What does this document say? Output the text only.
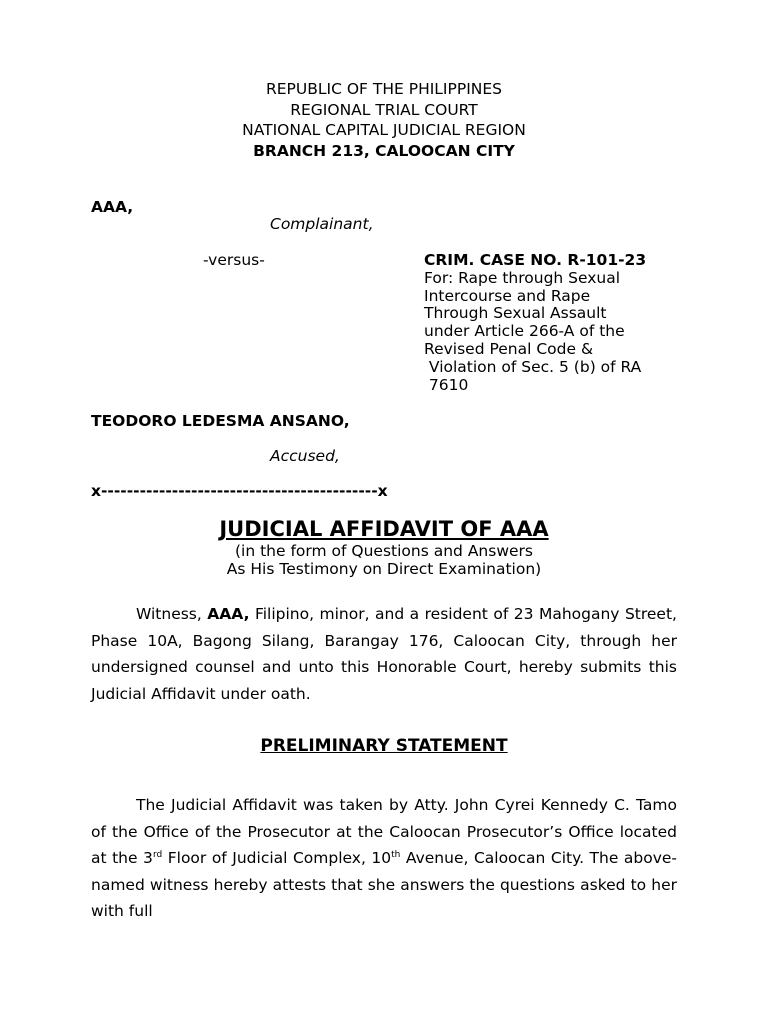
REPUBLIC OF THE PHILIPPINES
REGIONAL TRIAL COURT
NATIONAL CAPITAL JUDICIAL REGION
BRANCH 213, CALOOCAN CITY
AAA,
Complainant,
-versus-	CRIM. CASE NO. R-101-23
For: Rape through Sexual
Intercourse and Rape
Through Sexual Assault
under Article 266-A of the
Revised Penal Code &
Violation of Sec. 5 (b) of RA
7610
TEODORO LEDESMA ANSANO,
Accused,
x-------------------------------------------x
JUDICIAL AFFIDAVIT OF AAA
(in the form of Questions and Answers
As His Testimony on Direct Examination)
Witness, AAA, Filipino, minor, and a resident of 23 Mahogany Street, Phase 10A, Bagong Silang, Barangay 176, Caloocan City, through her undersigned counsel and unto this Honorable Court, hereby submits this Judicial Affidavit under oath.
PRELIMINARY STATEMENT
The Judicial Affidavit was taken by Atty. John Cyrei Kennedy C. Tamo of the Office of the Prosecutor at the Caloocan Prosecutor’s Office located at the 3rd Floor of Judicial Complex, 10th Avenue, Caloocan City. The above-named witness hereby attests that she answers the questions asked to her with full
